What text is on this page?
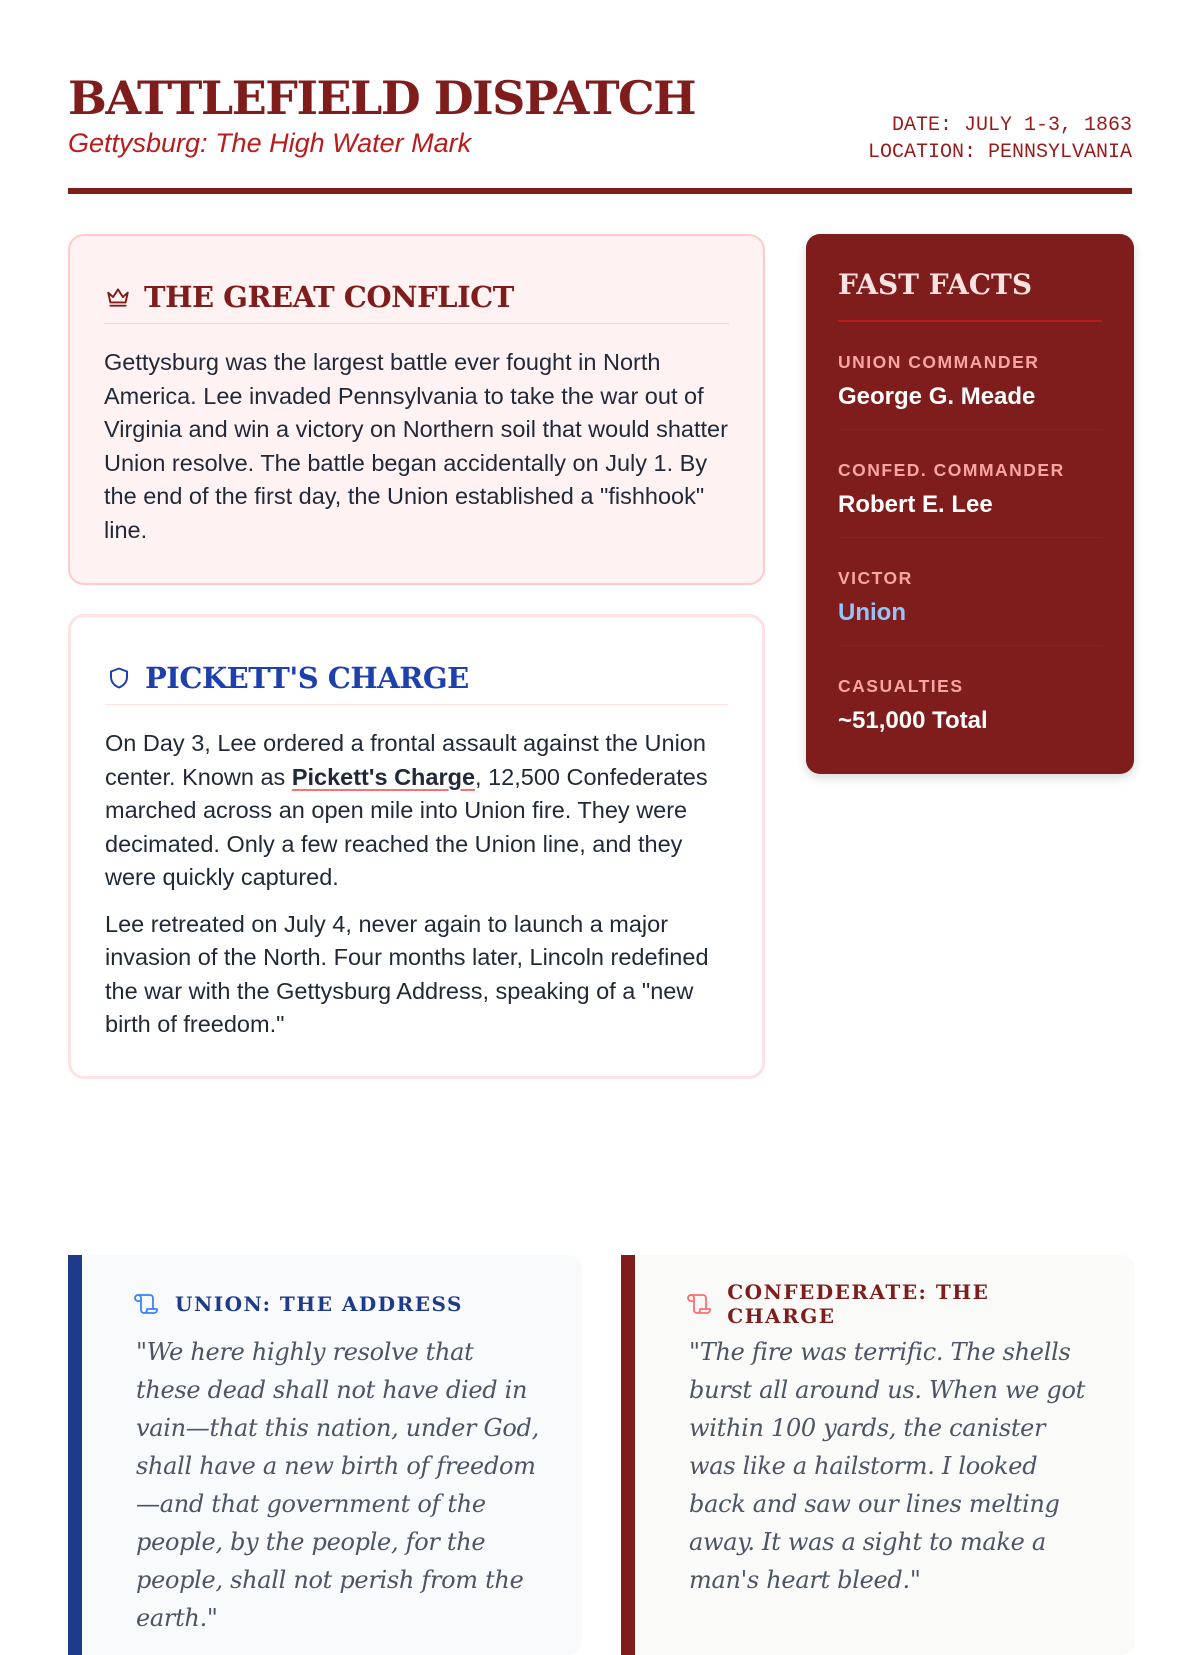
BATTLEFIELD DISPATCH
Gettysburg: The High Water Mark
DATE: JULY 1-3, 1863
LOCATION: PENNSYLVANIA
THE GREAT CONFLICT

Gettysburg was the largest battle ever fought in North America. Lee invaded Pennsylvania to take the war out of Virginia and win a victory on Northern soil that would shatter Union resolve. The battle began accidentally on July 1. By the end of the first day, the Union established a "fishhook" line.

PICKETT'S CHARGE

On Day 3, Lee ordered a frontal assault against the Union center. Known as Pickett's Charge, 12,500 Confederates marched across an open mile into Union fire. They were decimated. Only a few reached the Union line, and they were quickly captured.

Lee retreated on July 4, never again to launch a major invasion of the North. Four months later, Lincoln redefined the war with the Gettysburg Address, speaking of a "new birth of freedom."

FAST FACTS
UNION COMMANDER
George G. Meade
CONFED. COMMANDER
Robert E. Lee
VICTOR
Union
CASUALTIES
~51,000 Total
UNION: THE ADDRESS

"We here highly resolve that these dead shall not have died in vain—that this nation, under God, shall have a new birth of freedom—and that government of the people, by the people, for the people, shall not perish from the earth."

CONFEDERATE: THE CHARGE

"The fire was terrific. The shells burst all around us. When we got within 100 yards, the canister was like a hailstorm. I looked back and saw our lines melting away. It was a sight to make a man's heart bleed."
